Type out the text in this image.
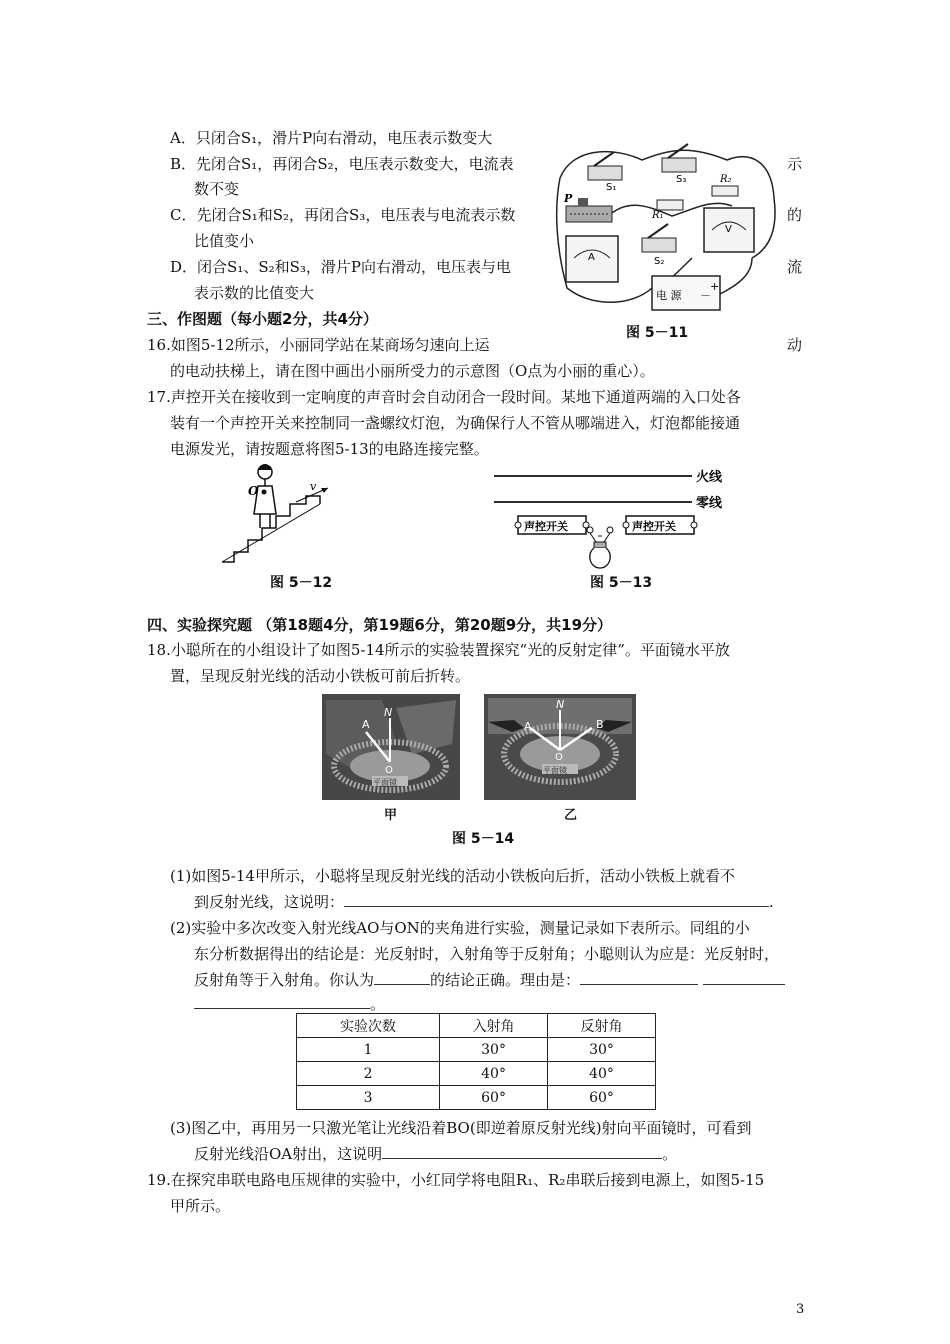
A．只闭合S₁，滑片P向右滑动，电压表示数变大
B．先闭合S₁，再闭合S₂，电压表示数变大，电流表
数不变
C．先闭合S₁和S₂，再闭合S₃，电压表与电流表示数
比值变小
D．闭合S₁、S₂和S₃，滑片P向右滑动，电压表与电
表示数的比值变大
示
的
流
动
S₁
S₃
S₂
P
R₁
R₂
A
V
电 源 －
+
图 5－11
三、作图题（每小题2分，共4分）
16.如图5-12所示，小丽同学站在某商场匀速向上运
的电动扶梯上，请在图中画出小丽所受力的示意图（O点为小丽的重心）。
17.声控开关在接收到一定响度的声音时会自动闭合一段时间。某地下通道两端的入口处各
装有一个声控开关来控制同一盏螺纹灯泡，为确保行人不管从哪端进入，灯泡都能接通
电源发光，请按题意将图5-13的电路连接完整。
O	v
图 5－12
火线
零线
声控开关	声控开关
图 5－13
四、实验探究题 （第18题4分，第19题6分，第20题9分，共19分）
18.小聪所在的小组设计了如图5-14所示的实验装置探究“光的反射定律”。平面镜水平放
置，呈现反射光线的活动小铁板可前后折转。
A
N
O
平面镜
A
N
B
O
平面镜
甲	乙
图 5－14
(1)如图5-14甲所示，小聪将呈现反射光线的活动小铁板向后折，活动小铁板上就看不
到反射光线，这说明：	.
(2)实验中多次改变入射光线AO与ON的夹角进行实验，测量记录如下表所示。同组的小
东分析数据得出的结论是：光反射时，入射角等于反射角；小聪则认为应是：光反射时，
反射角等于入射角。你认为	的结论正确。理由是：
。
实验次数	入射角	反射角
1	30°	30°
2	40°	40°
3	60°	60°
(3)图乙中，再用另一只激光笔让光线沿着BO(即逆着原反射光线)射向平面镜时，可看到
反射光线沿OA射出，这说明	。
19.在探究串联电路电压规律的实验中，小红同学将电阻R₁、R₂串联后接到电源上，如图5-15
甲所示。
3
